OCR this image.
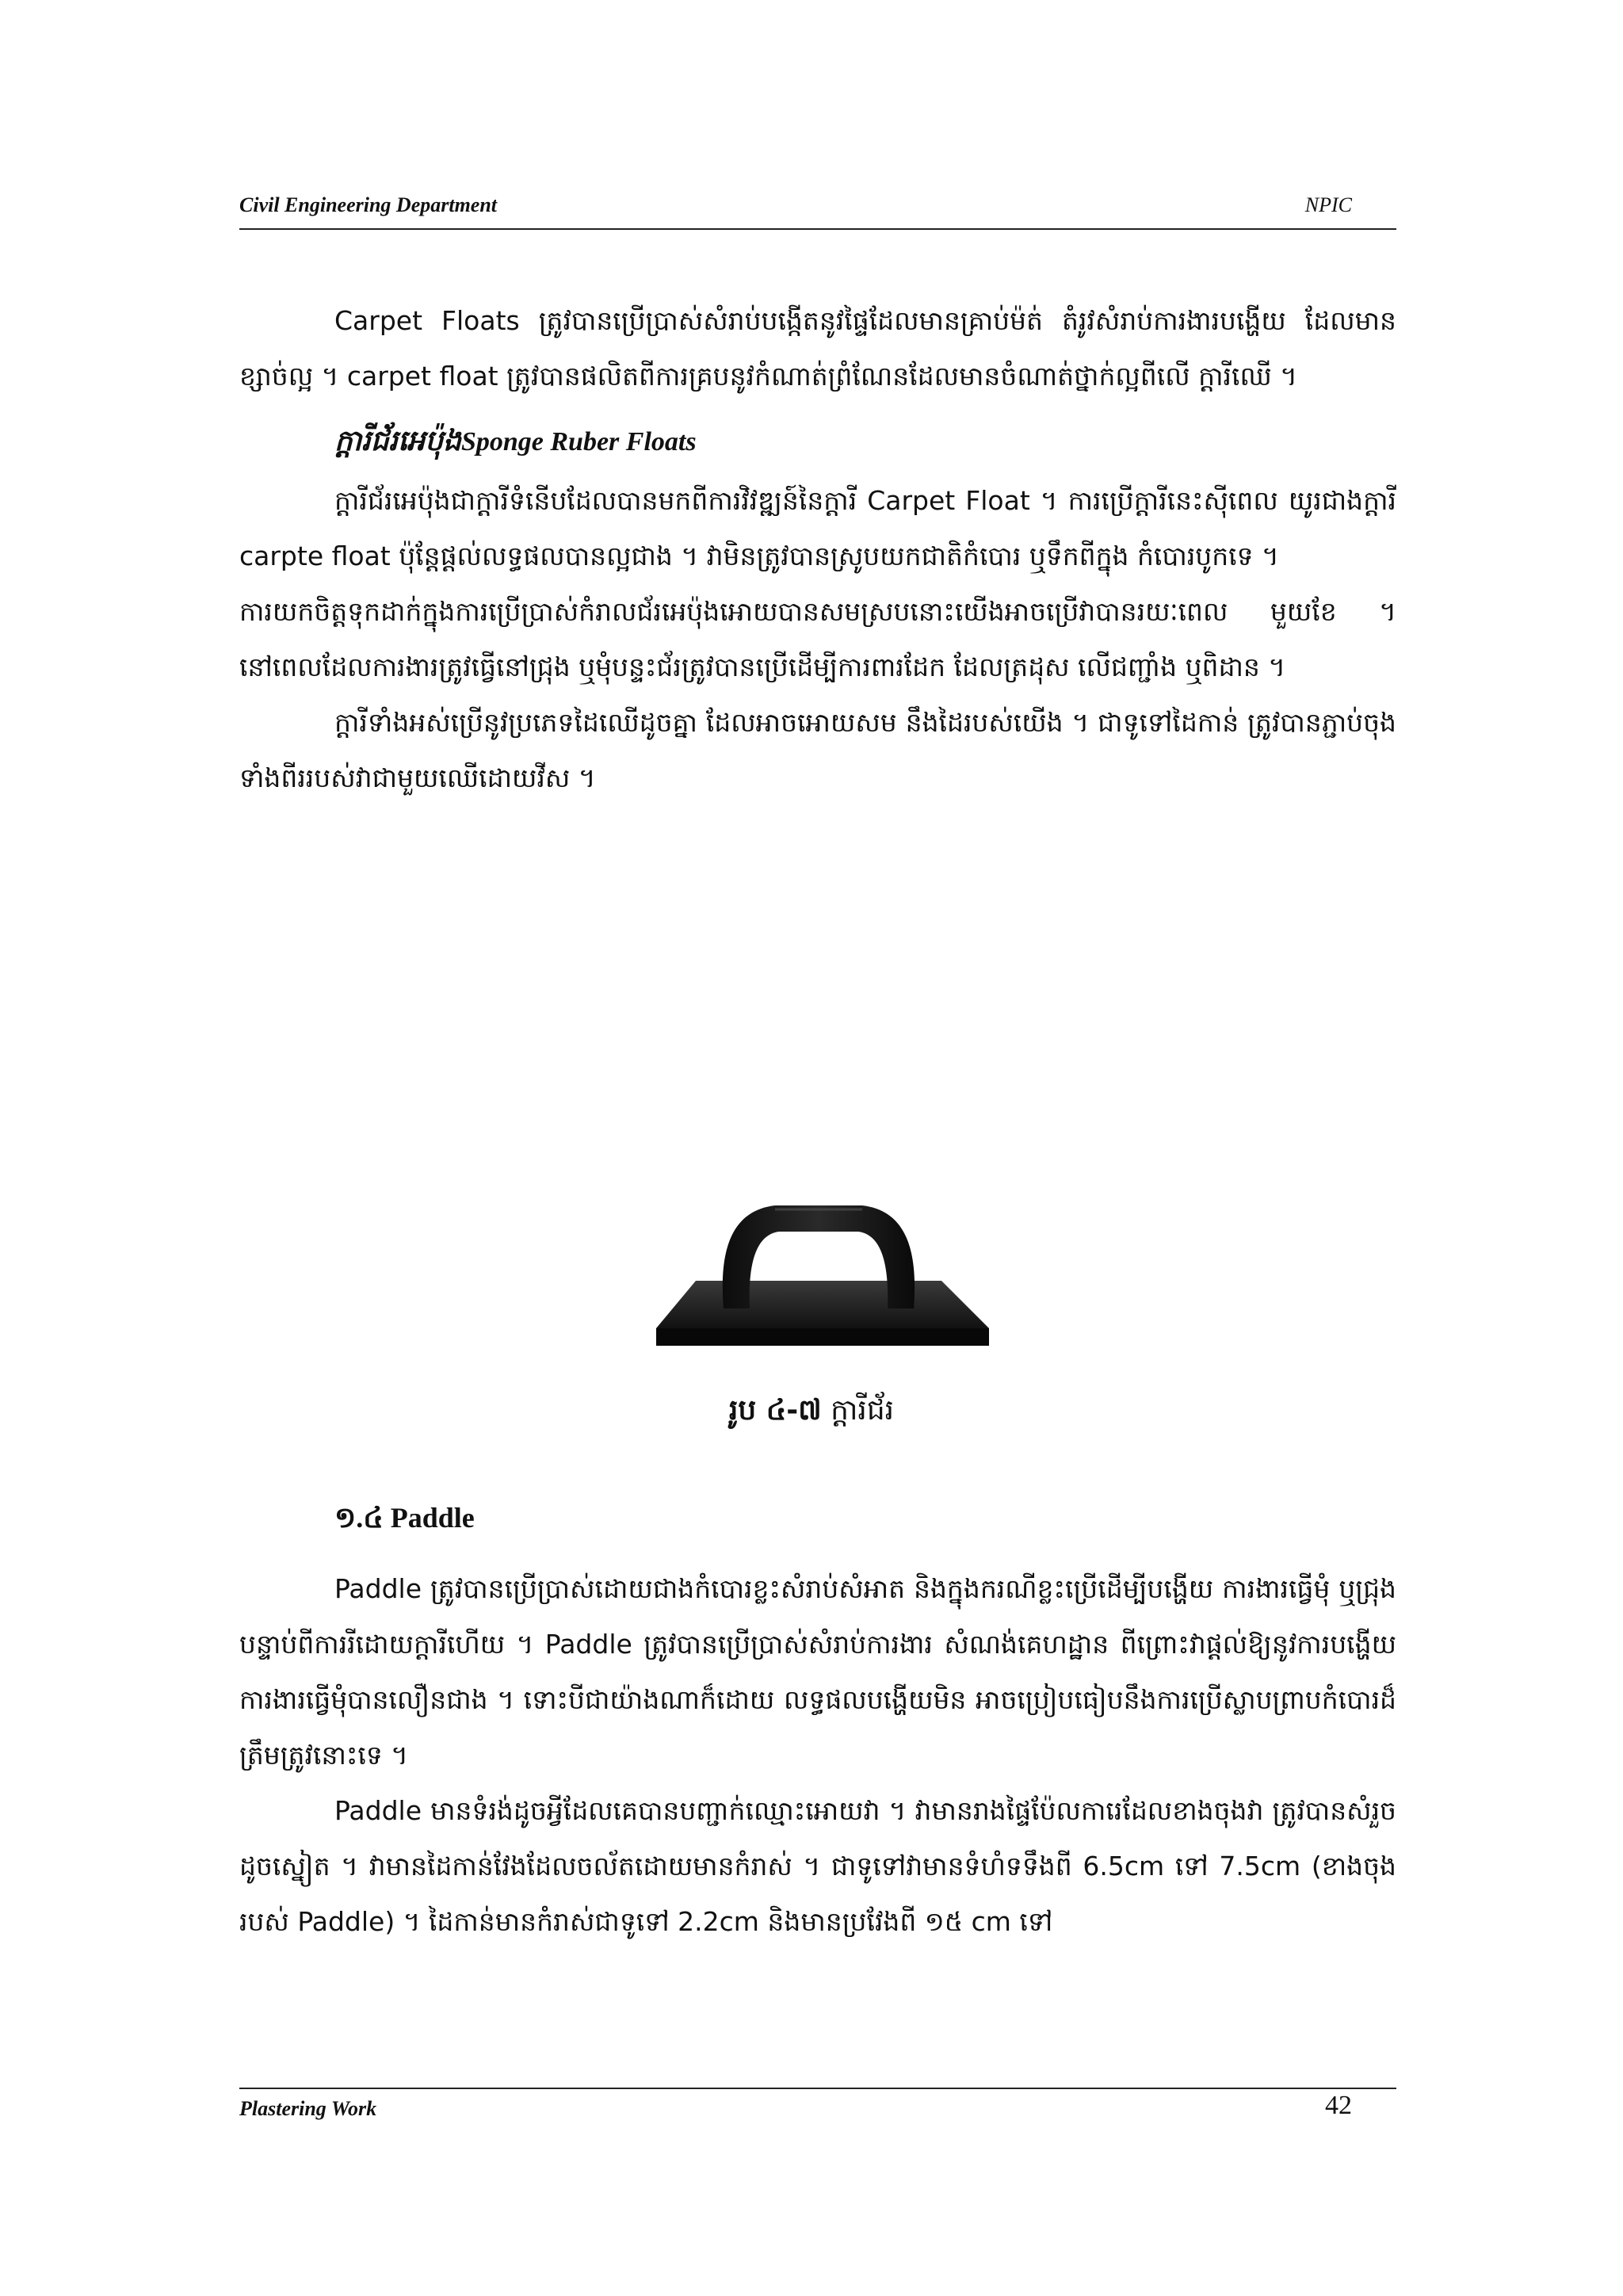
Civil Engineering Department	NPIC

Carpet Floats ត្រូវបានប្រើប្រាស់សំរាប់បង្កើតនូវផ្ទៃដែលមានគ្រាប់ម៉ត់ តំរូវសំរាប់ការងារបង្ហើយ ដែលមានខ្សាច់ល្អ ។ carpet float ត្រូវបានផលិតពីការគ្របនូវកំណាត់ព្រំណែនដែលមានចំណាត់ថ្នាក់ល្អពីលើ ក្ដារីឈើ ។

ក្ដារីជ័រអេប៉ុងSponge Ruber Floats

ក្ដារីជ័រអេប៉ុងជាក្ដារីទំនើបដែលបានមកពីការវិវឌ្ឍន៍នៃក្ដារី Carpet Float ។ ការប្រើក្ដារីនេះស៊ីពេល យូរជាងក្ដារី carpte float ប៉ុន្តែផ្ដល់លទ្ធផលបានល្អជាង ។ វាមិនត្រូវបានស្រូបយកជាតិកំបោរ ឬទឹកពីក្នុង កំបោរបូកទេ ។

ការយកចិត្តទុកដាក់ក្នុងការប្រើប្រាស់កំរាលជ័រអេប៉ុងអោយបានសមស្របនោះយើងអាចប្រើវាបានរយៈពេល មួយខែ ។ នៅពេលដែលការងារត្រូវធ្វើនៅជ្រុង ឬមុំបន្ទះជ័រត្រូវបានប្រើដើម្បីការពារដែក ដែលត្រដុស លើជញ្ជាំង ឬពិដាន ។

ក្ដារីទាំងអស់ប្រើនូវប្រភេទដៃឈើដូចគ្នា ដែលអាចអោយសម នឹងដៃរបស់យើង ។ ជាទូទៅដៃកាន់ ត្រូវបានភ្ជាប់ចុងទាំងពីររបស់វាជាមួយឈើដោយវីស ។

រូប ៤-៧ ក្ដារីជ័រ
១.៤ Paddle

Paddle ត្រូវបានប្រើប្រាស់ដោយជាងកំបោរខ្លះសំរាប់សំអាត និងក្នុងករណីខ្លះប្រើដើម្បីបង្ហើយ ការងារធ្វើមុំ ឬជ្រុង បន្ទាប់ពីការរីដោយក្ដារីហើយ ។ Paddle ត្រូវបានប្រើប្រាស់សំរាប់ការងារ សំណង់គេហដ្ឋាន ពីព្រោះវាផ្ដល់ឱ្យនូវការបង្ហើយការងារធ្វើមុំបានលឿនជាង ។ ទោះបីជាយ៉ាងណាក៏ដោយ លទ្ធផលបង្ហើយមិន អាចប្រៀបធៀបនឹងការប្រើស្លាបព្រាបកំបោរដ៏ត្រឹមត្រូវនោះទេ ។

Paddle មានទំរង់ដូចអ្វីដែលគេបានបញ្ជាក់ឈ្មោះអោយវា ។ វាមានរាងផ្ទៃប៉ែលការេដែលខាងចុងវា ត្រូវបានសំរួចដូចស្នៀត ។ វាមានដៃកាន់វែងដែលចល័តដោយមានកំរាស់ ។ ជាទូទៅវាមានទំហំទទឹងពី 6.5cm ទៅ 7.5cm (ខាងចុងរបស់ Paddle) ។ ដៃកាន់មានកំរាស់ជាទូទៅ 2.2cm និងមានប្រវែងពី ១៥ cm ទៅ

Plastering Work	42
